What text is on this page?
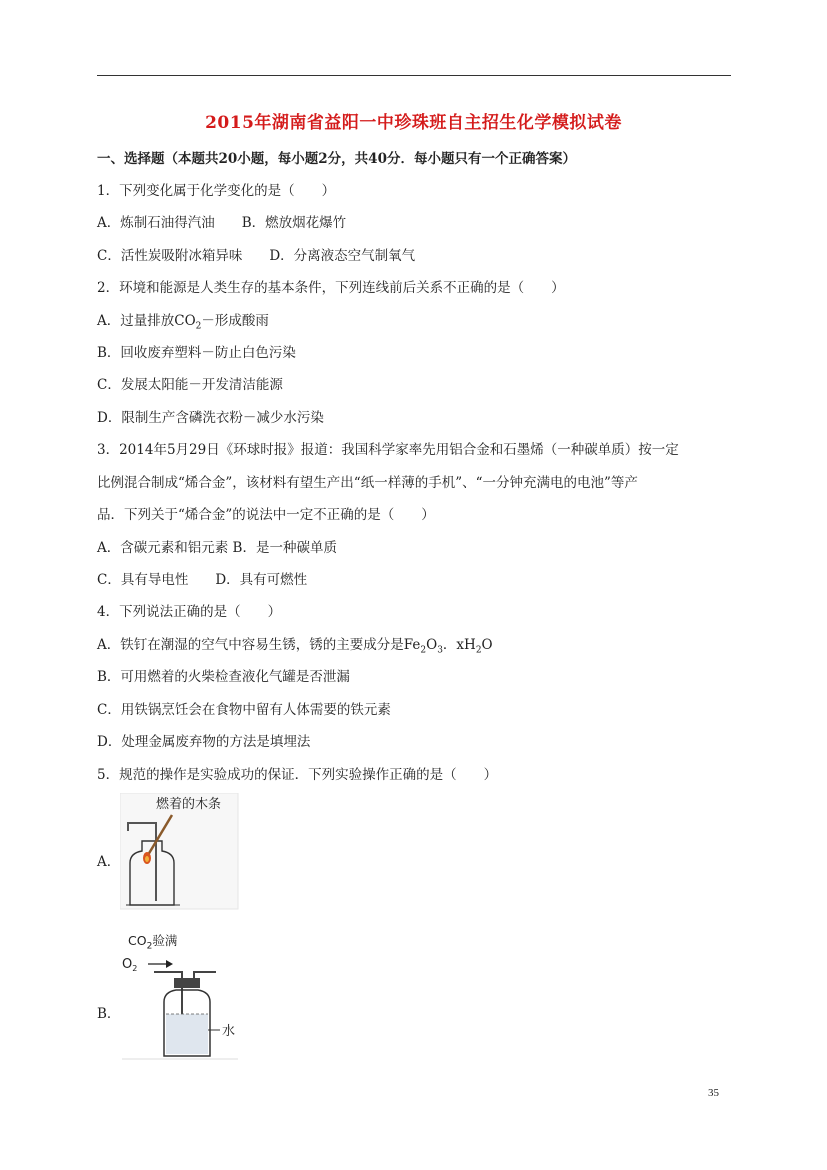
2015年湖南省益阳一中珍珠班自主招生化学模拟试卷
一、选择题（本题共20小题，每小题2分，共40分．每小题只有一个正确答案）
1．下列变化属于化学变化的是（　　）
A．炼制石油得汽油　　B．燃放烟花爆竹
C．活性炭吸附冰箱异味　　D．分离液态空气制氧气
2．环境和能源是人类生存的基本条件，下列连线前后关系不正确的是（　　）
A．过量排放$CO_2-$形成酸雨
B．回收废弃塑料－防止白色污染
C．发展太阳能－开发清洁能源
D．限制生产含磷洗衣粉－减少水污染
3．2014年5月29日《环球时报》报道：我国科学家率先用铝合金和石墨烯（一种碳单质）按一定
比例混合制成“烯合金”，该材料有望生产出“纸一样薄的手机”、“一分钟充满电的电池”等产
品．下列关于“烯合金”的说法中一定不正确的是（　　）
A．含碳元素和铝元素 B．是一种碳单质
C．具有导电性　　D．具有可燃性
4．下列说法正确的是（　　）
A．铁钉在潮湿的空气中容易生锈，锈的主要成分是$Fe_2O_3$．$xH_2O$
B．可用燃着的火柴检查液化气罐是否泄漏
C．用铁锅烹饪会在食物中留有人体需要的铁元素
D．处理金属废弃物的方法是填埋法
5．规范的操作是实验成功的保证．下列实验操作正确的是（　　）
A．
燃着的木条
$CO_2$验满
B．
$O_2$
水
35
